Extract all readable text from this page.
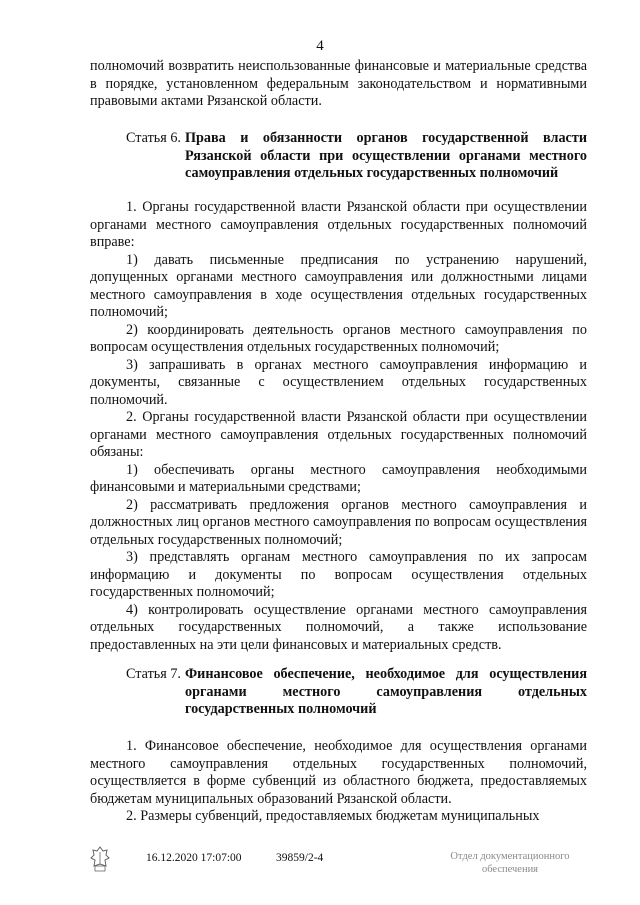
4

полномочий возвратить неиспользованные финансовые и материальные средства в порядке, установленном федеральным законодательством и нормативными правовыми актами Рязанской области.

Статья 6. Права и обязанности органов государственной власти Рязанской области при осуществлении органами местного самоуправления отдельных государственных полномочий

1. Органы государственной власти Рязанской области при осуществлении органами местного самоуправления отдельных государственных полномочий вправе:

1) давать письменные предписания по устранению нарушений, допущенных органами местного самоуправления или должностными лицами местного самоуправления в ходе осуществления отдельных государственных полномочий;

2) координировать деятельность органов местного самоуправления по вопросам осуществления отдельных государственных полномочий;

3) запрашивать в органах местного самоуправления информацию и документы, связанные с осуществлением отдельных государственных полномочий.

2. Органы государственной власти Рязанской области при осуществлении органами местного самоуправления отдельных государственных полномочий обязаны:

1) обеспечивать органы местного самоуправления необходимыми финансовыми и материальными средствами;

2) рассматривать предложения органов местного самоуправления и должностных лиц органов местного самоуправления по вопросам осуществления отдельных государственных полномочий;

3) представлять органам местного самоуправления по их запросам информацию и документы по вопросам осуществления отдельных государственных полномочий;

4) контролировать осуществление органами местного самоуправления отдельных государственных полномочий, а также использование предоставленных на эти цели финансовых и материальных средств.

Статья 7. Финансовое обеспечение, необходимое для осуществления органами местного самоуправления отдельных государственных полномочий

1. Финансовое обеспечение, необходимое для осуществления органами местного самоуправления отдельных государственных полномочий, осуществляется в форме субвенций из областного бюджета, предоставляемых бюджетам муниципальных образований Рязанской области.

2. Размеры субвенций, предоставляемых бюджетам муниципальных

16.12.2020 17:07:00	39859/2-4	Отдел документационного
обеспечения
